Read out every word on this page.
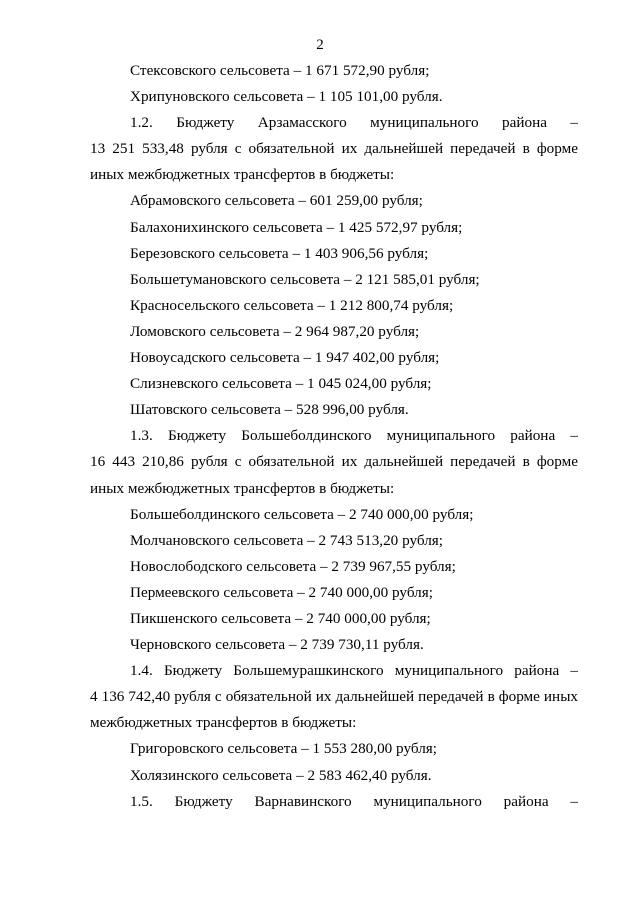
2
Стексовского сельсовета – 1 671 572,90 рубля;
Хрипуновского сельсовета – 1 105 101,00 рубля.
1.2. Бюджету Арзамасского муниципального района –
13 251 533,48 рубля с обязательной их дальнейшей передачей в форме
иных межбюджетных трансфертов в бюджеты:
Абрамовского сельсовета – 601 259,00 рубля;
Балахонихинского сельсовета – 1 425 572,97 рубля;
Березовского сельсовета – 1 403 906,56 рубля;
Большетумановского сельсовета – 2 121 585,01 рубля;
Красносельского сельсовета – 1 212 800,74 рубля;
Ломовского сельсовета – 2 964 987,20 рубля;
Новоусадского сельсовета – 1 947 402,00 рубля;
Слизневского сельсовета – 1 045 024,00 рубля;
Шатовского сельсовета – 528 996,00 рубля.
1.3. Бюджету Большеболдинского муниципального района –
16 443 210,86 рубля с обязательной их дальнейшей передачей в форме
иных межбюджетных трансфертов в бюджеты:
Большеболдинского сельсовета – 2 740 000,00 рубля;
Молчановского сельсовета – 2 743 513,20 рубля;
Новослободского сельсовета – 2 739 967,55 рубля;
Пермеевского сельсовета – 2 740 000,00 рубля;
Пикшенского сельсовета – 2 740 000,00 рубля;
Черновского сельсовета – 2 739 730,11 рубля.
1.4. Бюджету Большемурашкинского муниципального района –
4 136 742,40 рубля с обязательной их дальнейшей передачей в форме иных
межбюджетных трансфертов в бюджеты:
Григоровского сельсовета – 1 553 280,00 рубля;
Холязинского сельсовета – 2 583 462,40 рубля.
1.5. Бюджету Варнавинского муниципального района –
